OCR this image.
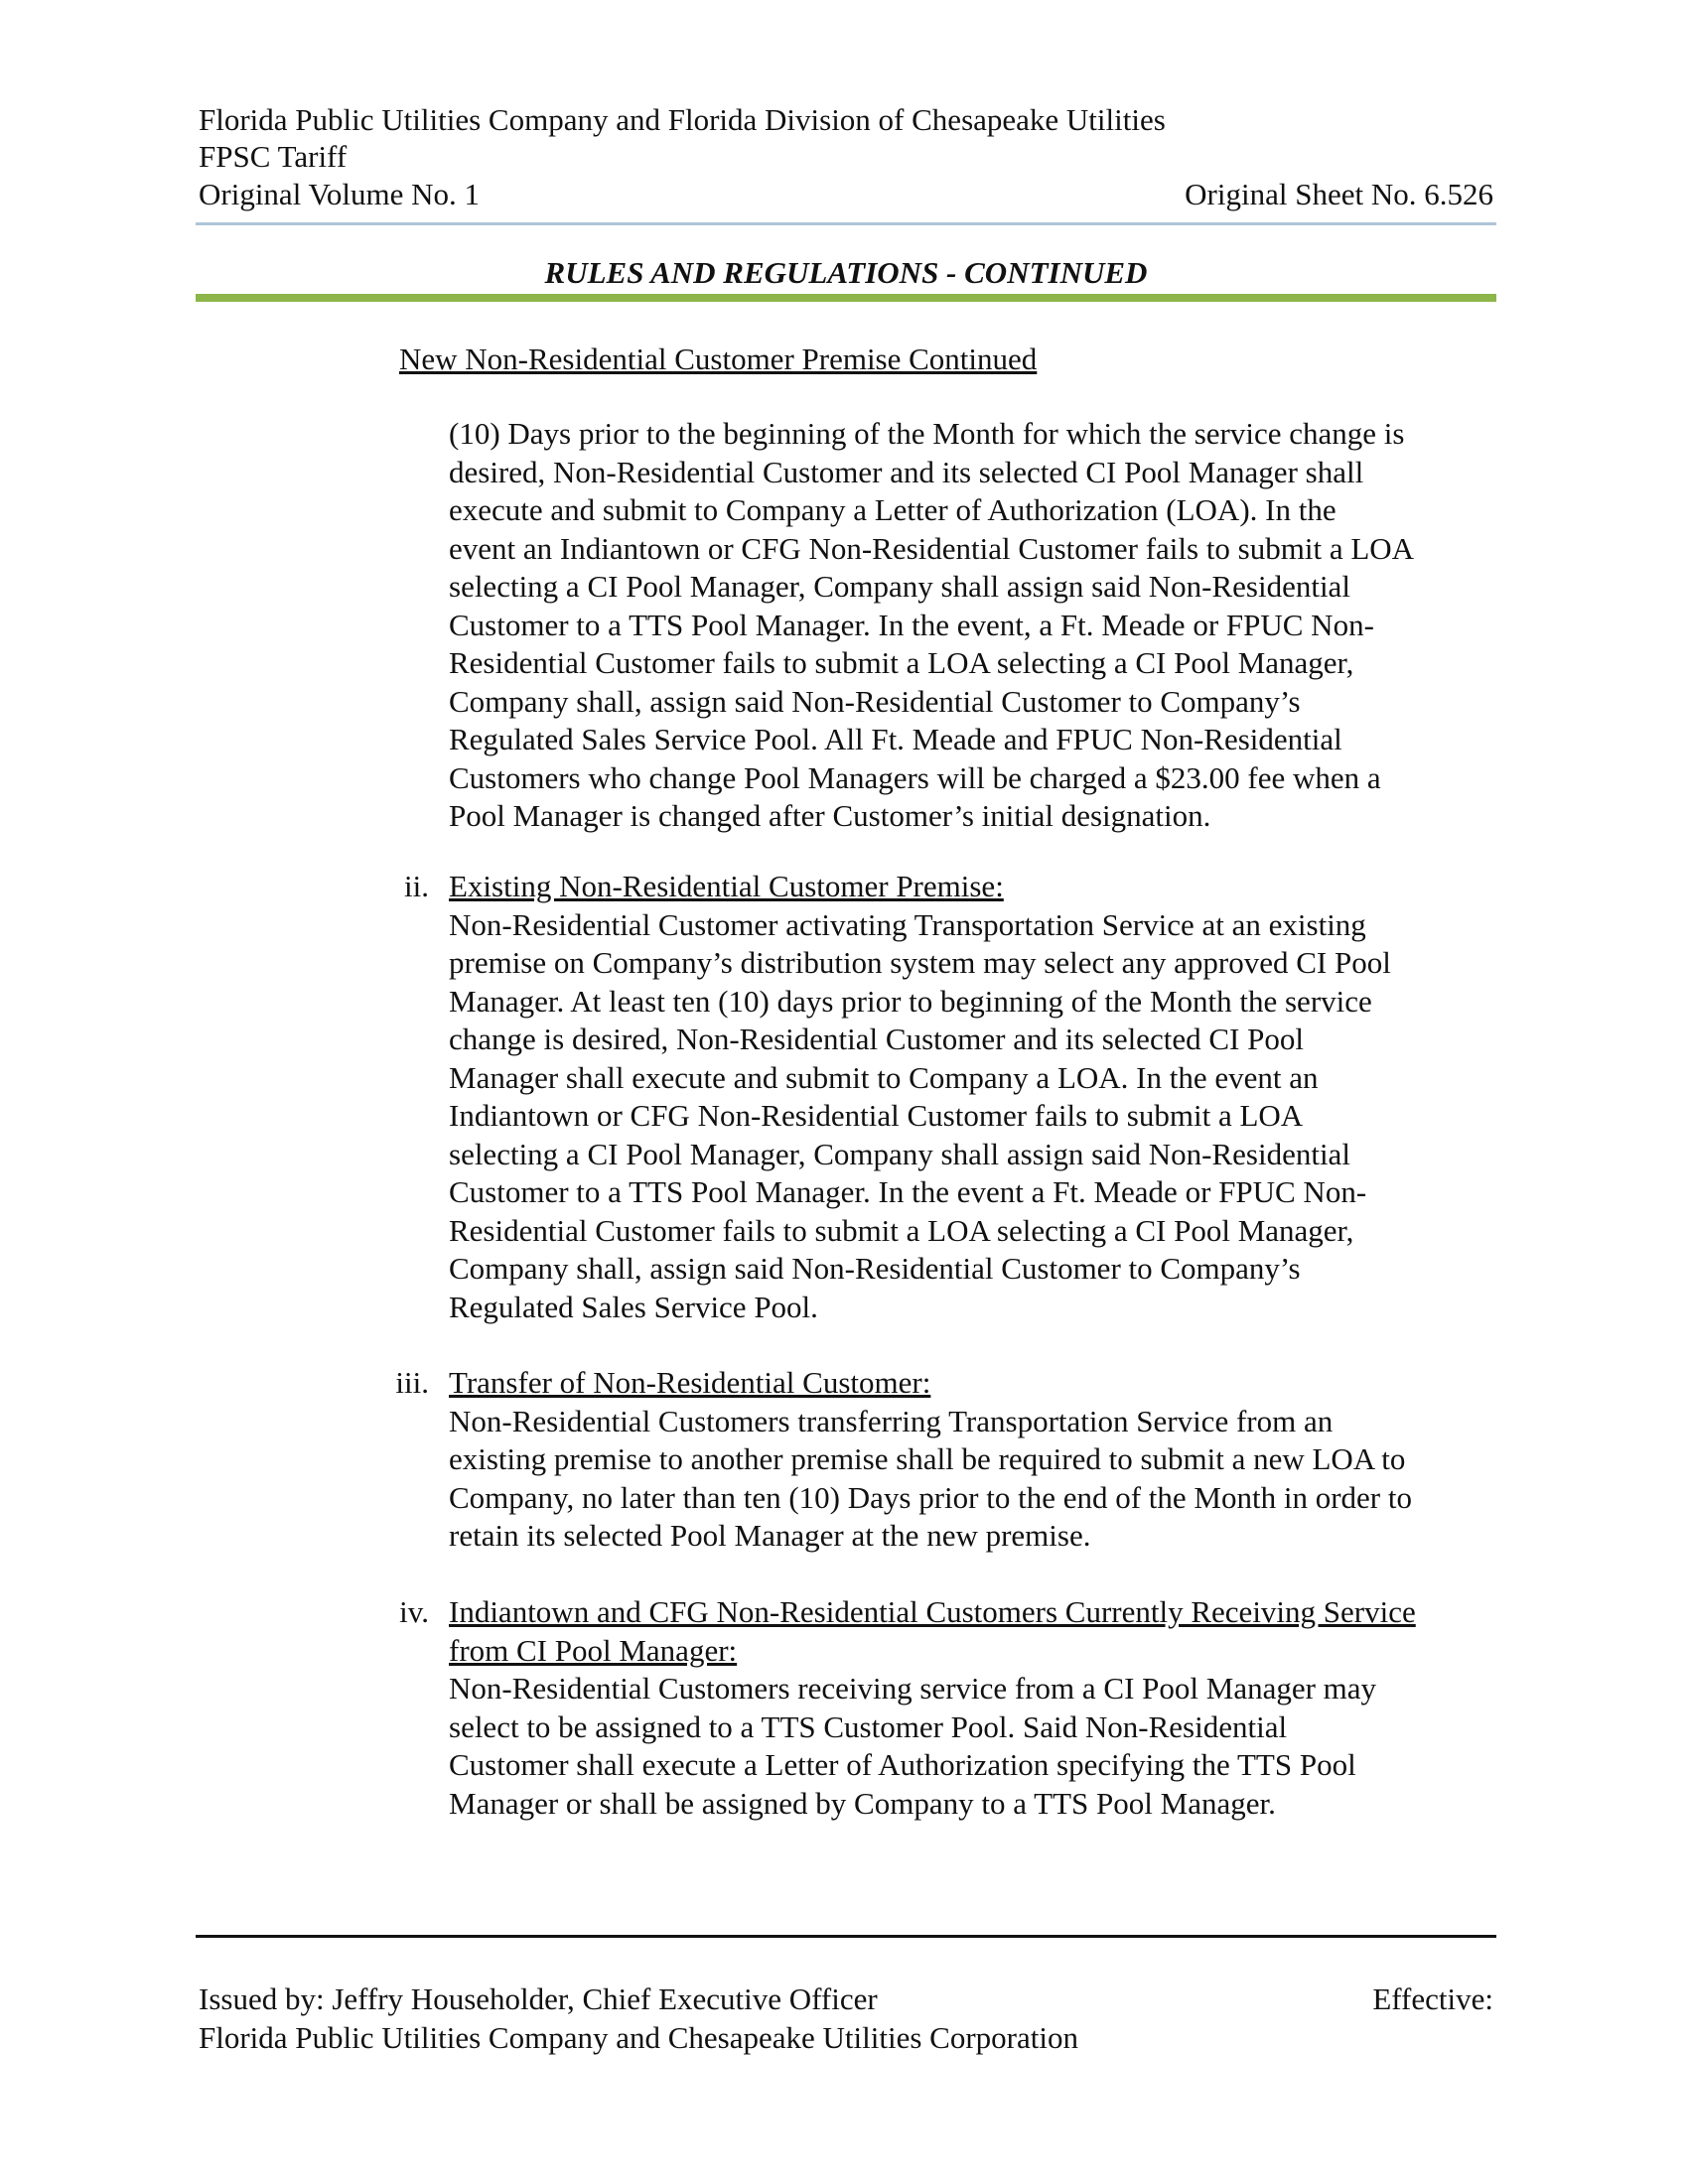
Florida Public Utilities Company and Florida Division of Chesapeake Utilities
FPSC Tariff
Original Volume No. 1	Original Sheet No. 6.526
RULES AND REGULATIONS - CONTINUED
New Non-Residential Customer Premise Continued
(10) Days prior to the beginning of the Month for which the service change is
desired, Non-Residential Customer and its selected CI Pool Manager shall
execute and submit to Company a Letter of Authorization (LOA). In the
event an Indiantown or CFG Non-Residential Customer fails to submit a LOA
selecting a CI Pool Manager, Company shall assign said Non-Residential
Customer to a TTS Pool Manager. In the event, a Ft. Meade or FPUC Non-
Residential Customer fails to submit a LOA selecting a CI Pool Manager,
Company shall, assign said Non-Residential Customer to Company’s
Regulated Sales Service Pool. All Ft. Meade and FPUC Non-Residential
Customers who change Pool Managers will be charged a $23.00 fee when a
Pool Manager is changed after Customer’s initial designation.
ii. Existing Non-Residential Customer Premise:
Non-Residential Customer activating Transportation Service at an existing
premise on Company’s distribution system may select any approved CI Pool
Manager. At least ten (10) days prior to beginning of the Month the service
change is desired, Non-Residential Customer and its selected CI Pool
Manager shall execute and submit to Company a LOA. In the event an
Indiantown or CFG Non-Residential Customer fails to submit a LOA
selecting a CI Pool Manager, Company shall assign said Non-Residential
Customer to a TTS Pool Manager. In the event a Ft. Meade or FPUC Non-
Residential Customer fails to submit a LOA selecting a CI Pool Manager,
Company shall, assign said Non-Residential Customer to Company’s
Regulated Sales Service Pool.
iii. Transfer of Non-Residential Customer:
Non-Residential Customers transferring Transportation Service from an
existing premise to another premise shall be required to submit a new LOA to
Company, no later than ten (10) Days prior to the end of the Month in order to
retain its selected Pool Manager at the new premise.
iv. Indiantown and CFG Non-Residential Customers Currently Receiving Service
from CI Pool Manager:
Non-Residential Customers receiving service from a CI Pool Manager may
select to be assigned to a TTS Customer Pool. Said Non-Residential
Customer shall execute a Letter of Authorization specifying the TTS Pool
Manager or shall be assigned by Company to a TTS Pool Manager.
Issued by: Jeffry Householder, Chief Executive Officer	Effective:
Florida Public Utilities Company and Chesapeake Utilities Corporation
